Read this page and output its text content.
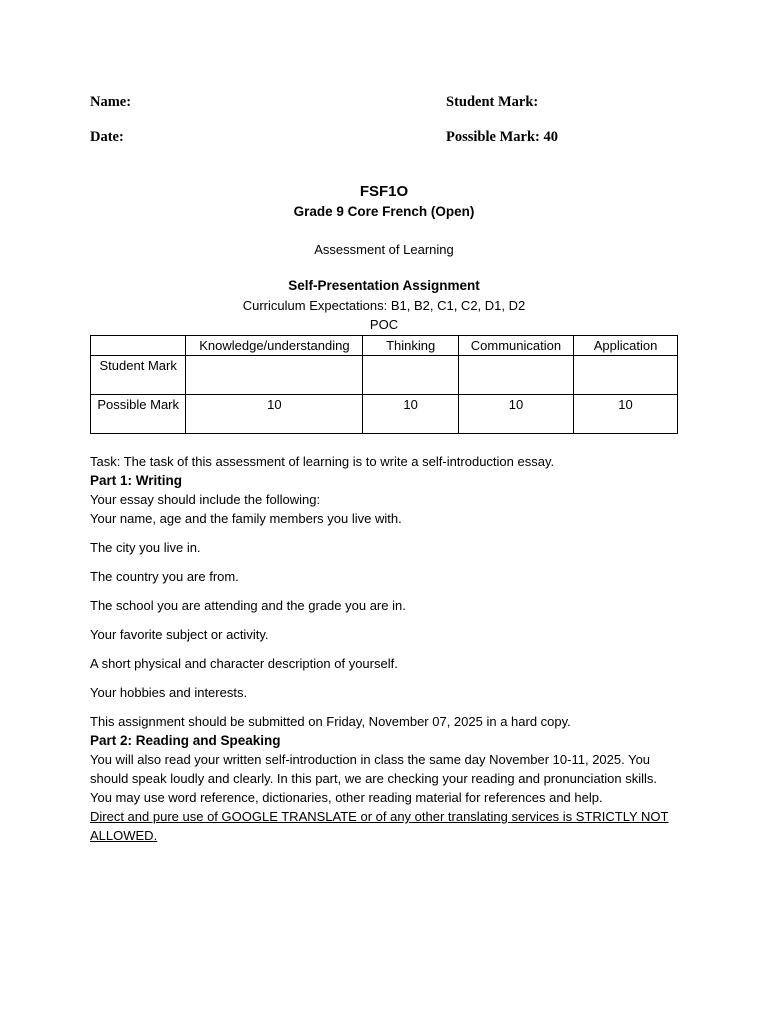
Name:	Student Mark:
Date:	Possible Mark: 40
FSF1O
Grade 9 Core French (Open)
Assessment of Learning
Self-Presentation Assignment
Curriculum Expectations: B1, B2, C1, C2, D1, D2
POC
	Knowledge/understanding	Thinking	Communication	Application
Student Mark				
Possible Mark	10	10	10	10

Task: The task of this assessment of learning is to write a self-introduction essay.

Part 1: Writing

Your essay should include the following:

Your name, age and the family members you live with.

The city you live in.

The country you are from.

The school you are attending and the grade you are in.

Your favorite subject or activity.

A short physical and character description of yourself.

Your hobbies and interests.

This assignment should be submitted on Friday, November 07, 2025 in a hard copy.

Part 2: Reading and Speaking

You will also read your written self-introduction in class the same day November 10-11, 2025. You should speak loudly and clearly. In this part, we are checking your reading and pronunciation skills. You may use word reference, dictionaries, other reading material for references and help.

Direct and pure use of GOOGLE TRANSLATE or of any other translating services is STRICTLY NOT ALLOWED.
